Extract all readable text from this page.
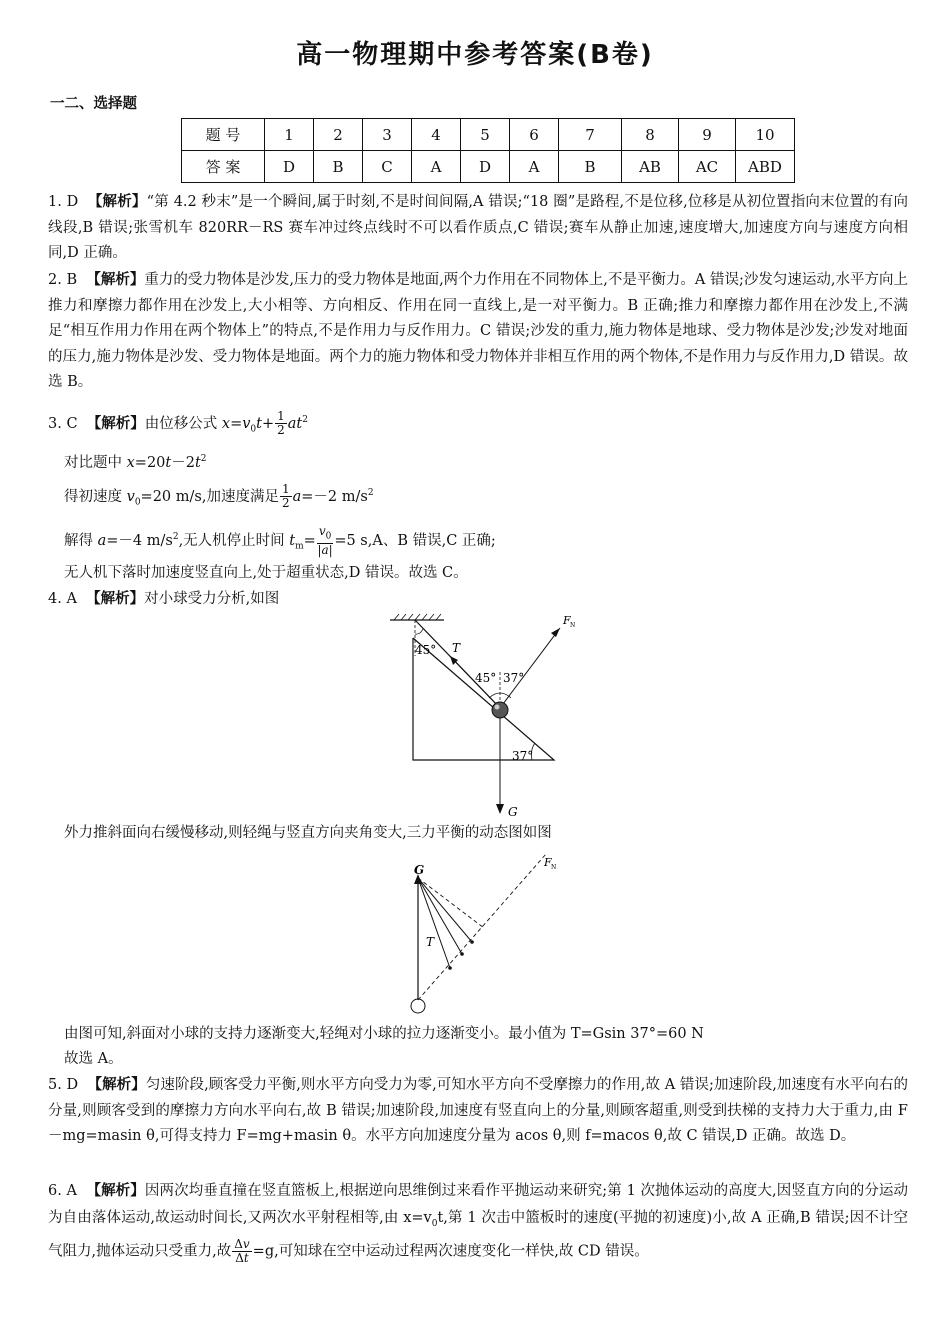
高一物理期中参考答案(B卷)
一二、选择题
题 号	1	2	3	4	5	6	7	8	9	10
答 案	D	B	C	A	D	A	B	AB	AC	ABD
1. D 【解析】“第 4.2 秒末”是一个瞬间,属于时刻,不是时间间隔,A 错误;“18 圈”是路程,不是位移,位移是从初位置指向末位置的有向线段,B 错误;张雪机车 820RR－RS 赛车冲过终点线时不可以看作质点,C 错误;赛车从静止加速,速度增大,加速度方向与速度方向相同,D 正确。
2. B 【解析】重力的受力物体是沙发,压力的受力物体是地面,两个力作用在不同物体上,不是平衡力。A 错误;沙发匀速运动,水平方向上推力和摩擦力都作用在沙发上,大小相等、方向相反、作用在同一直线上,是一对平衡力。B 正确;推力和摩擦力都作用在沙发上,不满足“相互作用力作用在两个物体上”的特点,不是作用力与反作用力。C 错误;沙发的重力,施力物体是地球、受力物体是沙发;沙发对地面的压力,施力物体是沙发、受力物体是地面。两个力的施力物体和受力物体并非相互作用的两个物体,不是作用力与反作用力,D 错误。故选 B。
3. C 【解析】由位移公式 $x=v_0t+ \frac{1}{2} at^2$
对比题中 $x=20t-2t^2$
得初速度 $v_0=20$ m/s,加速度满足 $\frac{1}{2} a=-2$ $m/s^2$
解得 a=－4 $m/s^2$,无人机停止时间 $t_m= \frac{v_0}{|a|} =5$ s,A、B 错误,C 正确;
无人机下落时加速度竖直向上,处于超重状态,D 错误。故选 C。
4. A 【解析】对小球受力分析,如图
45° T
45° 37°
37°
F N
G
外力推斜面向右缓慢移动,则轻绳与竖直方向夹角变大,三力平衡的动态图如图
G
T
F N
由图可知,斜面对小球的支持力逐渐变大,轻绳对小球的拉力逐渐变小。最小值为 T=Gsin 37°=60 N
故选 A。
5. D 【解析】匀速阶段,顾客受力平衡,则水平方向受力为零,可知水平方向不受摩擦力的作用,故 A 错误;加速阶段,加速度有水平向右的分量,则顾客受到的摩擦力方向水平向右,故 B 错误;加速阶段,加速度有竖直向上的分量,则顾客超重,则受到扶梯的支持力大于重力,由 F－mg=masin θ,可得支持力 F=mg+masin θ。水平方向加速度分量为 acos θ,则 f=macos θ,故 C 错误,D 正确。故选 D。
6. A 【解析】因两次均垂直撞在竖直篮板上,根据逆向思维倒过来看作平抛运动来研究;第 1 次抛体运动的高度大,因竖直方向的分运动为自由落体运动,故运动时间长,又两次水平射程相等,由 $x=v_0t$,第 1 次击中篮板时的速度(平抛的初速度)小,故 A 正确,B 错误;因不计空气阻力,抛体运动只受重力,故 $\frac{\Delta v}{\Delta t} =g$,可知球在空中运动过程两次速度变化一样快,故 CD 错误。
